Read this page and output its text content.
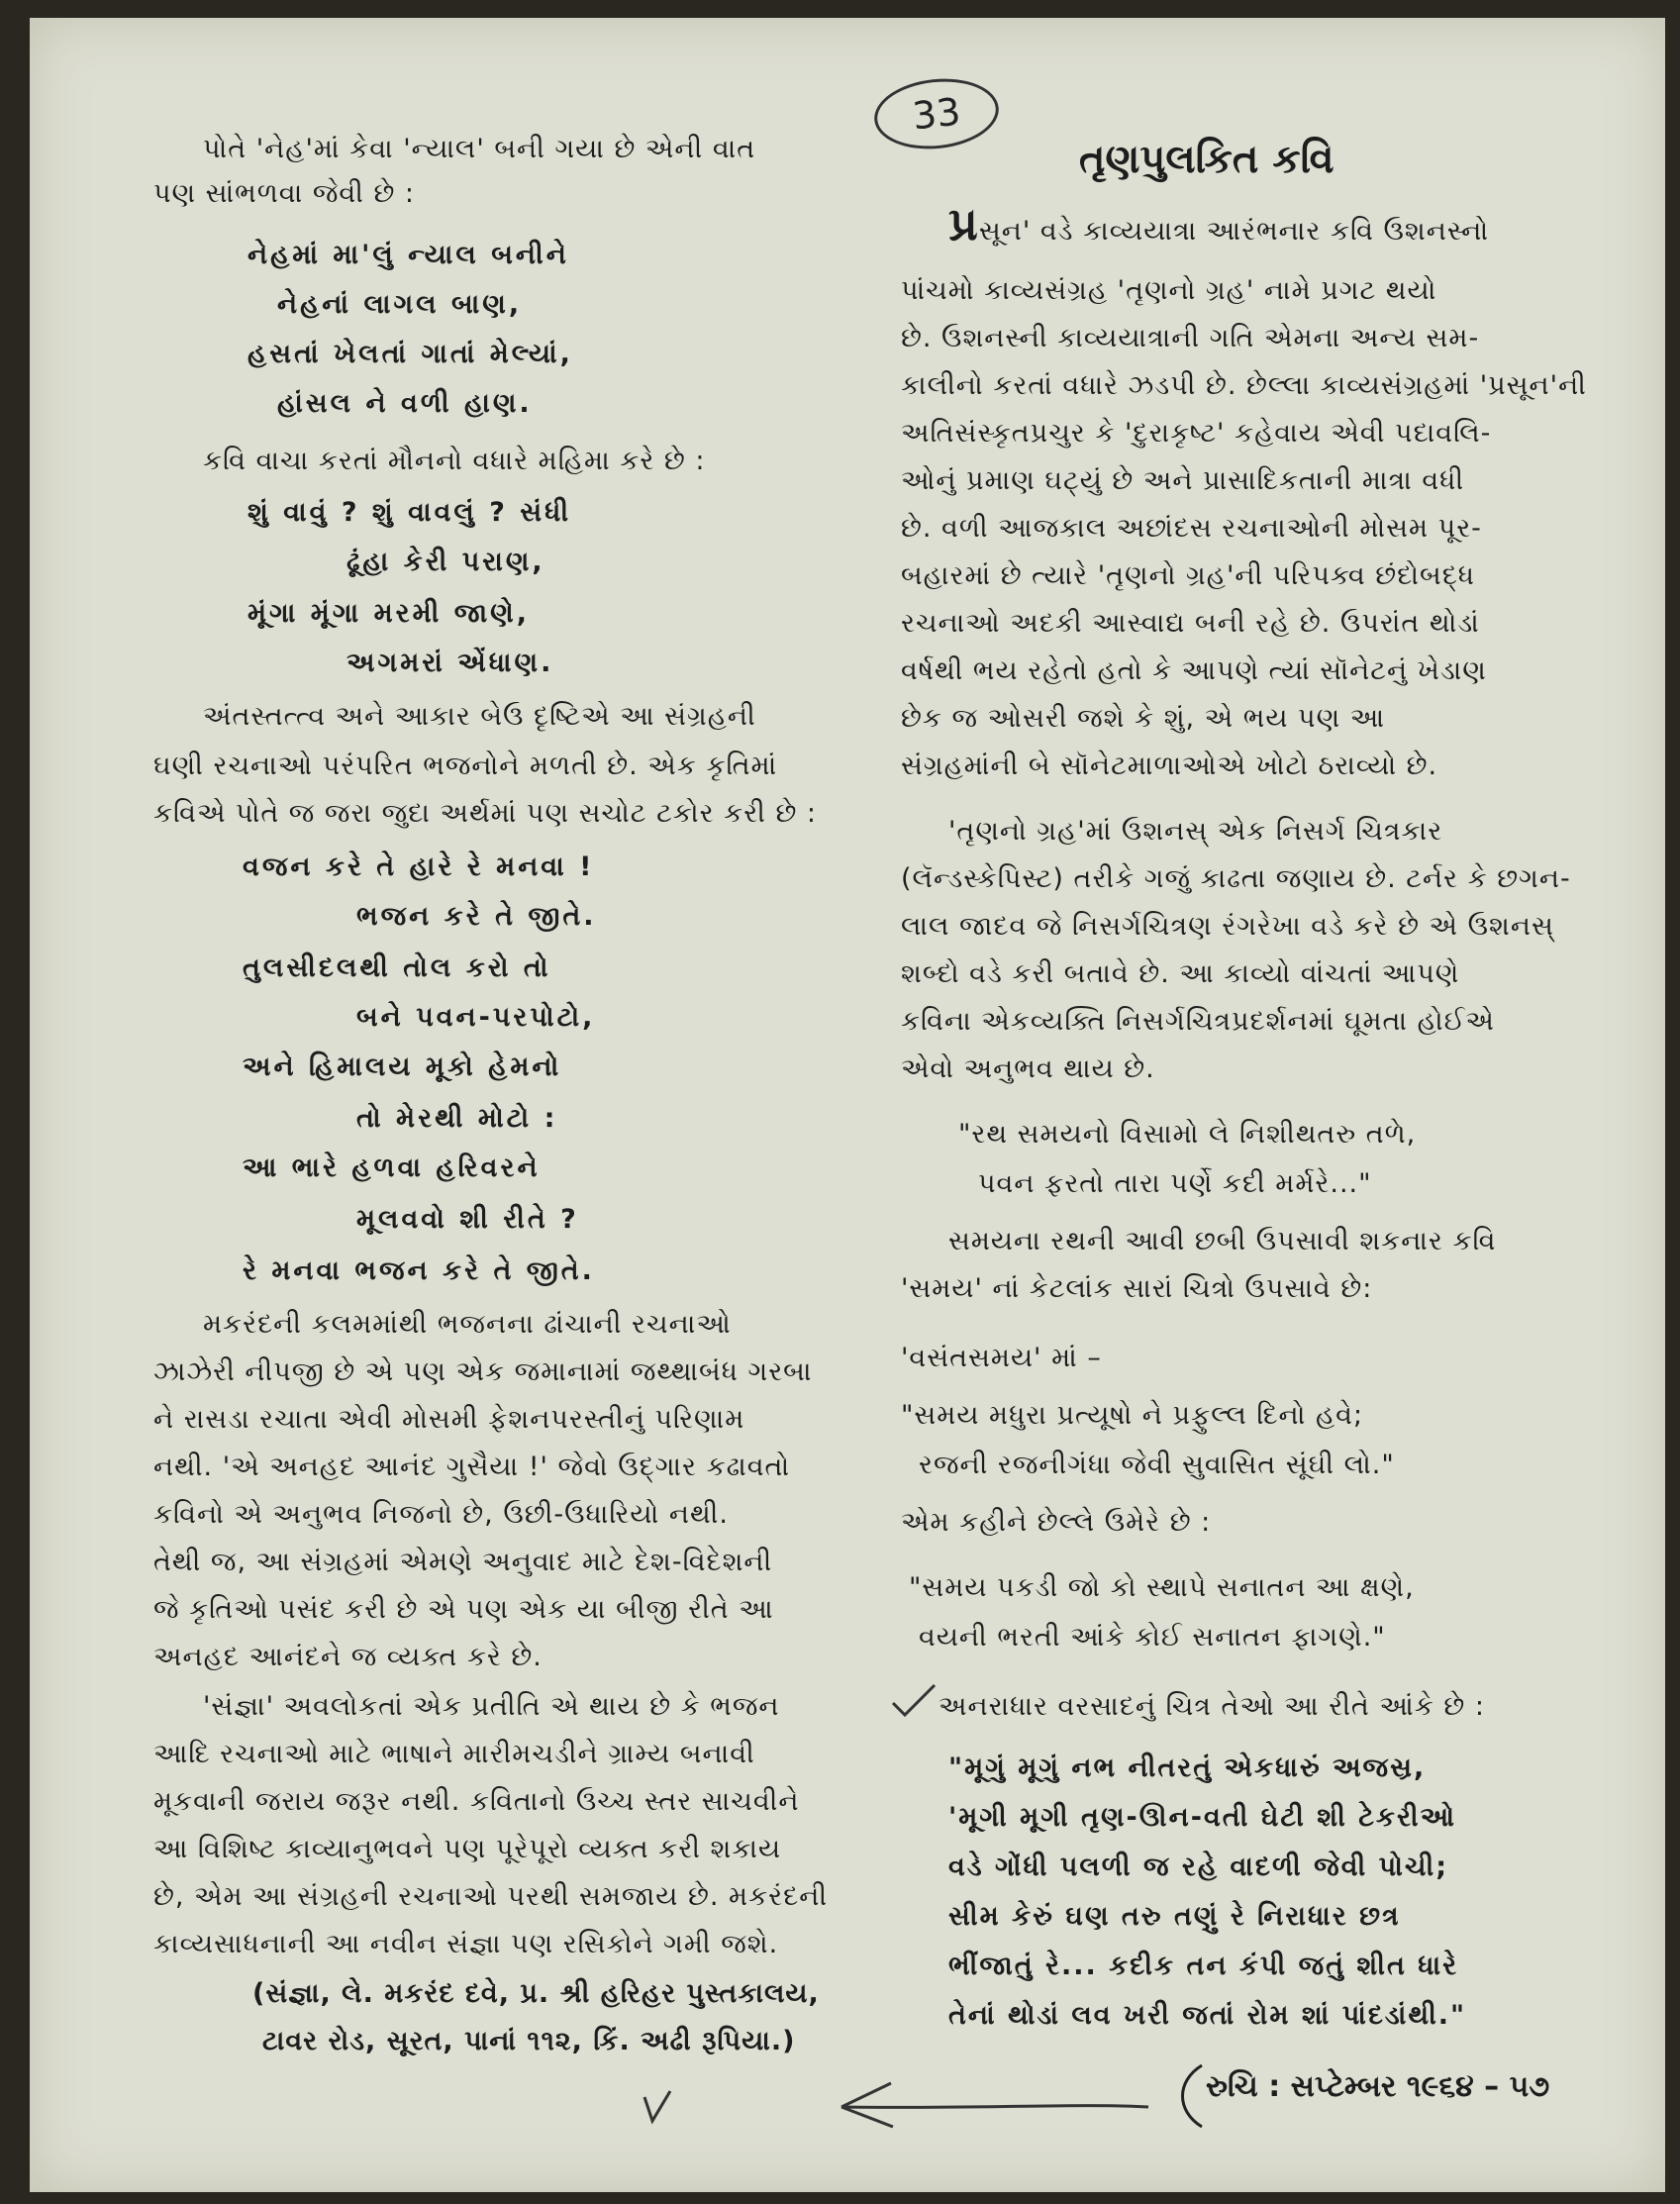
33
તૃણપુલકિત કવિ
પોતે 'નેહ'માં કેવા 'ન્યાલ' બની ગયા છે એની વાત
પણ સાંભળવા જેવી છે :
નેહમાં મા'લું ન્યાલ બનીને
નેહનાં લાગલ બાણ,
હસતાં ખેલતાં ગાતાં મેલ્યાં,
હાંસલ ને વળી હાણ.
કવિ વાચા કરતાં મૌનનો વધારે મહિમા કરે છે :
શું વાવું ? શું વાવલું ? સંધી
ઢૂંહા કેરી પરાણ,
મૂંગા મૂંગા મરમી જાણે,
અગમરાં એંધાણ.
અંતસ્તત્ત્વ અને આકાર બેઉ દૃષ્ટિએ આ સંગ્રહની
ઘણી રચનાઓ પરંપરિત ભજનોને મળતી છે. એક કૃતિમાં
કવિએ પોતે જ જરા જુદા અર્થમાં પણ સચોટ ટકોર કરી છે :
વજન કરે તે હારે રે મનવા !
ભજન કરે તે જીતે.
તુલસીદલથી તોલ કરો તો
બને પવન-પરપોટો,
અને હિમાલય મૂકો હેમનો
તો મેરથી મોટો :
આ ભારે હળવા હરિવરને
મૂલવવો શી રીતે ?
રે મનવા ભજન કરે તે જીતે.
મકરંદની કલમમાંથી ભજનના ઢાંચાની રચનાઓ
ઝાઝેરી નીપજી છે એ પણ એક જમાનામાં જથ્થાબંધ ગરબા
ને રાસડા રચાતા એવી મોસમી ફેશનપરસ્તીનું પરિણામ
નથી. 'એ અનહદ આનંદ ગુસૈયા !' જેવો ઉદ્ગાર કઢાવતો
કવિનો એ અનુભવ નિજનો છે, ઉછી-ઉધારિયો નથી.
તેથી જ, આ સંગ્રહમાં એમણે અનુવાદ માટે દેશ-વિદેશની
જે કૃતિઓ પસંદ કરી છે એ પણ એક યા બીજી રીતે આ
અનહદ આનંદને જ વ્યક્ત કરે છે.
'સંજ્ઞા' અવલોકતાં એક પ્રતીતિ એ થાય છે કે ભજન
આદિ રચનાઓ માટે ભાષાને મારીમચડીને ગ્રામ્ય બનાવી
મૂકવાની જરાય જરૂર નથી. કવિતાનો ઉચ્ચ સ્તર સાચવીને
આ વિશિષ્ટ કાવ્યાનુભવને પણ પૂરેપૂરો વ્યક્ત કરી શકાય
છે, એમ આ સંગ્રહની રચનાઓ પરથી સમજાય છે. મકરંદની
કાવ્યસાધનાની આ નવીન સંજ્ઞા પણ રસિકોને ગમી જશે.
(સંજ્ઞા, લે. મકરંદ દવે, પ્ર. શ્રી હરિહર પુસ્તકાલય,
ટાવર રોડ, સૂરત, પાનાં ૧૧૨, કિં. અઢી રૂપિયા.)
પ્રસૂન' વડે કાવ્યયાત્રા આરંભનાર કવિ ઉશનસ્નો
પાંચમો કાવ્યસંગ્રહ 'તૃણનો ગ્રહ' નામે પ્રગટ થયો
છે. ઉશનસ્ની કાવ્યયાત્રાની ગતિ એમના અન્ય સમ-
કાલીનો કરતાં વધારે ઝડપી છે. છેલ્લા કાવ્યસંગ્રહમાં 'પ્રસૂન'ની
અતિસંસ્કૃતપ્રચુર કે 'દુરાકૃષ્ટ' કહેવાય એવી પદાવલિ-
ઓનું પ્રમાણ ઘટ્યું છે અને પ્રાસાદિકતાની માત્રા વધી
છે. વળી આજકાલ અછાંદસ રચનાઓની મોસમ પૂર-
બહારમાં છે ત્યારે 'તૃણનો ગ્રહ'ની પરિપક્વ છંદોબદ્ધ
રચનાઓ અદકી આસ્વાદ્ય બની રહે છે. ઉપરાંત થોડાં
વર્ષથી ભય રહેતો હતો કે આપણે ત્યાં સૉનેટનું ખેડાણ
છેક જ ઓસરી જશે કે શું, એ ભય પણ આ
સંગ્રહમાંની બે સૉનેટમાળાઓએ ખોટો ઠરાવ્યો છે.
'તૃણનો ગ્રહ'માં ઉશનસ્ એક નિસર્ગ ચિત્રકાર
(લૅન્ડસ્કેપિસ્ટ) તરીકે ગજું કાઢતા જણાય છે. ટર્નર કે છગન-
લાલ જાદવ જે નિસર્ગચિત્રણ રંગરેખા વડે કરે છે એ ઉશનસ્
શબ્દો વડે કરી બતાવે છે. આ કાવ્યો વાંચતાં આપણે
કવિના એકવ્યક્તિ નિસર્ગચિત્રપ્રદર્શનમાં ઘૂમતા હોઈએ
એવો અનુભવ થાય છે.
"રથ સમયનો વિસામો લે નિશીથતરુ તળે,
પવન ફરતો તારા પર્ણે કદી મર્મરે..."
સમયના રથની આવી છબી ઉપસાવી શકનાર કવિ
'સમય' નાં કેટલાંક સારાં ચિત્રો ઉપસાવે છે:
'વસંતસમય' માં –
"સમય મધુરા પ્રત્યૂષો ને પ્રફુલ્લ દિનો હવે;
રજની રજનીગંધા જેવી સુવાસિત સૂંઘી લો."
એમ કહીને છેલ્લે ઉમેરે છે :
"સમય પકડી જો કો સ્થાપે સનાતન આ ક્ષણે,
વયની ભરતી આંકે કોઈ સનાતન ફાગણે."
અનરાધાર વરસાદનું ચિત્ર તેઓ આ રીતે આંકે છે :
"મૂગું મૂગું નભ નીતરતું એકધારું અજસ્ર,
'મૂગી મૂગી તૃણ-ઊન-વતી ઘેટી શી ટેકરીઓ
વડે ગોંધી પલળી જ રહે વાદળી જેવી પોચી;
સીમ કેરું ઘણ તરુ તણું રે નિરાધાર છત્ર
ભીંજાતું રે... કદીક તન કંપી જતું શીત ધારે
તેનાં થોડાં લવ ખરી જતાં રોમ શાં પાંદડાંથી."
રુચિ : સપ્ટેમ્બર ૧૯૬૪ – ૫૭
